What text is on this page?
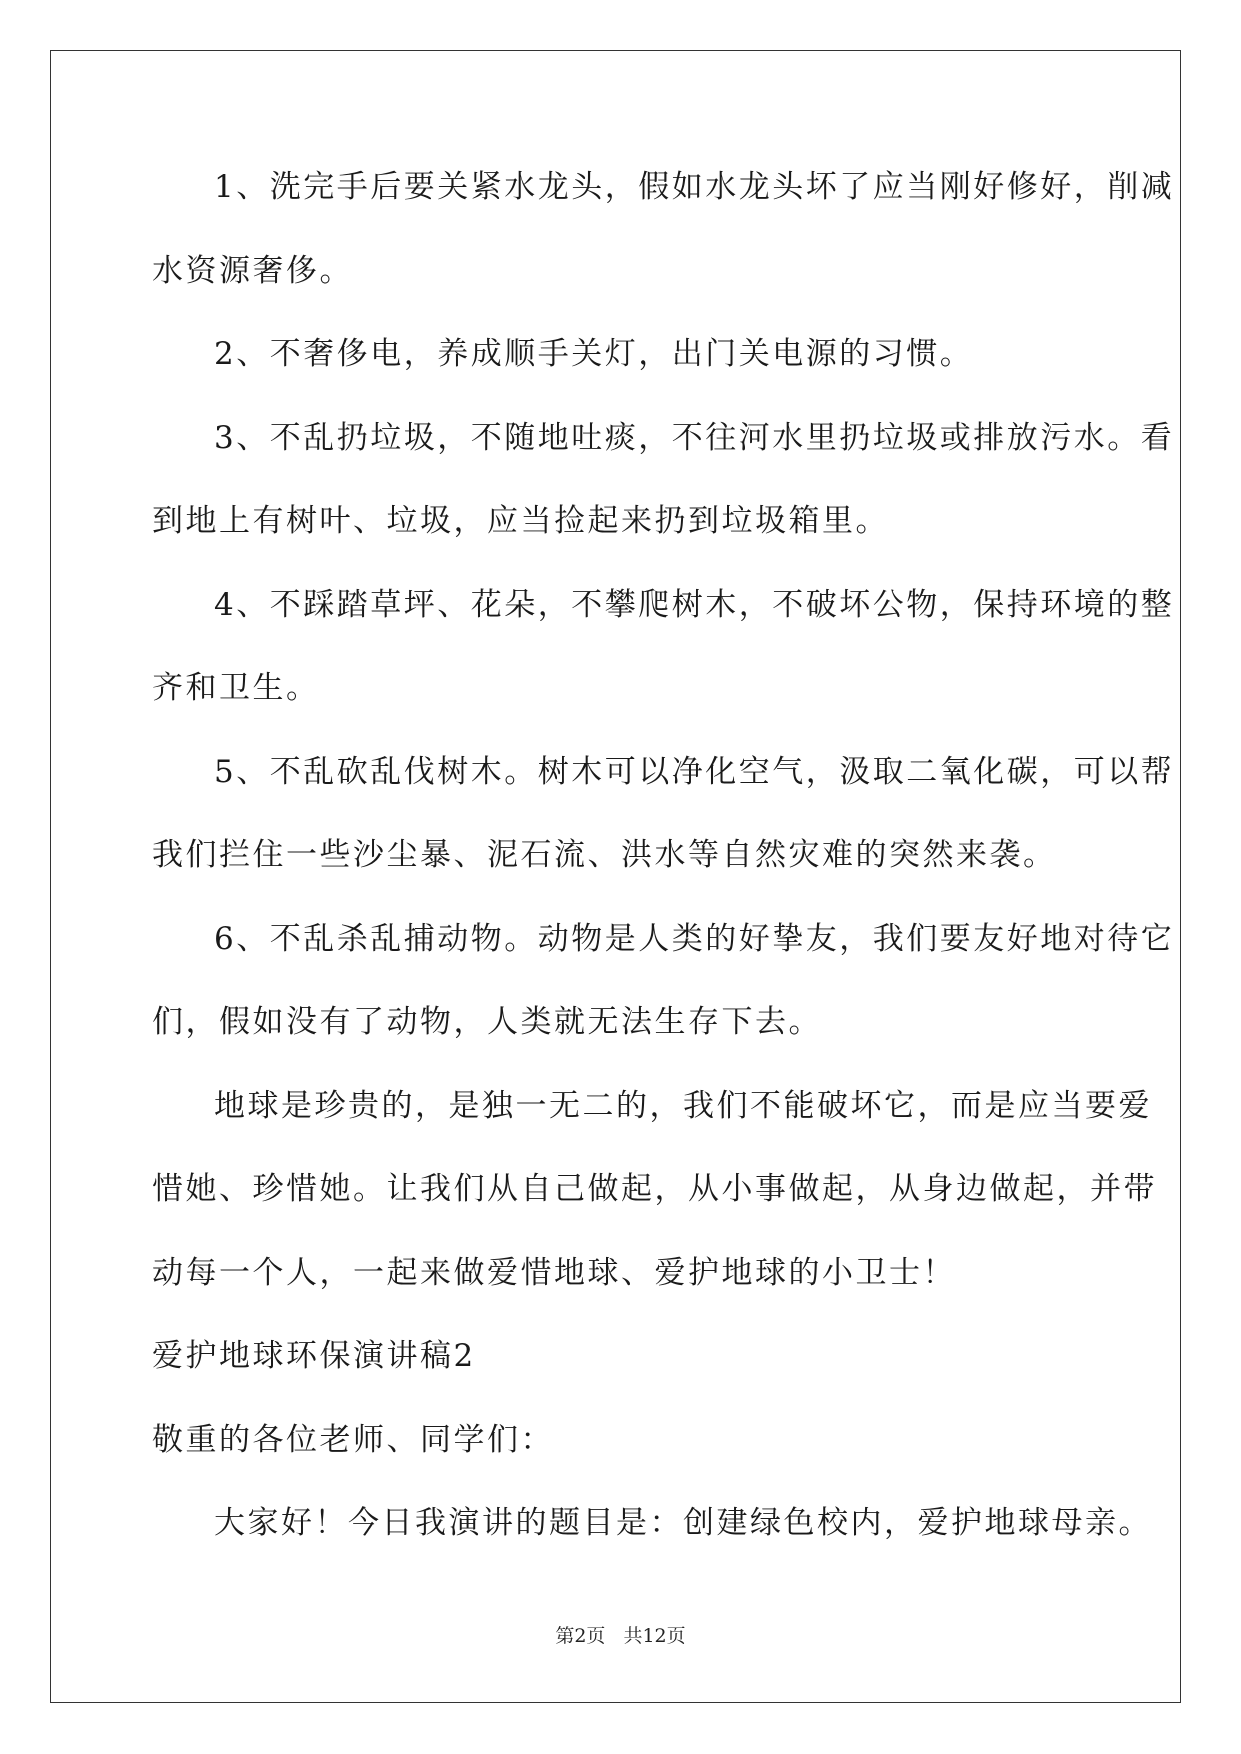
1、洗完手后要关紧水龙头，假如水龙头坏了应当刚好修好，削减
水资源奢侈。
2、不奢侈电，养成顺手关灯，出门关电源的习惯。
3、不乱扔垃圾，不随地吐痰，不往河水里扔垃圾或排放污水。看
到地上有树叶、垃圾，应当捡起来扔到垃圾箱里。
4、不踩踏草坪、花朵，不攀爬树木，不破坏公物，保持环境的整
齐和卫生。
5、不乱砍乱伐树木。树木可以净化空气，汲取二氧化碳，可以帮
我们拦住一些沙尘暴、泥石流、洪水等自然灾难的突然来袭。
6、不乱杀乱捕动物。动物是人类的好挚友，我们要友好地对待它
们，假如没有了动物，人类就无法生存下去。
地球是珍贵的，是独一无二的，我们不能破坏它，而是应当要爱
惜她、珍惜她。让我们从自己做起，从小事做起，从身边做起，并带
动每一个人，一起来做爱惜地球、爱护地球的小卫士！
爱护地球环保演讲稿2
敬重的各位老师、同学们：
大家好！今日我演讲的题目是：创建绿色校内，爱护地球母亲。
第2页 共12页
